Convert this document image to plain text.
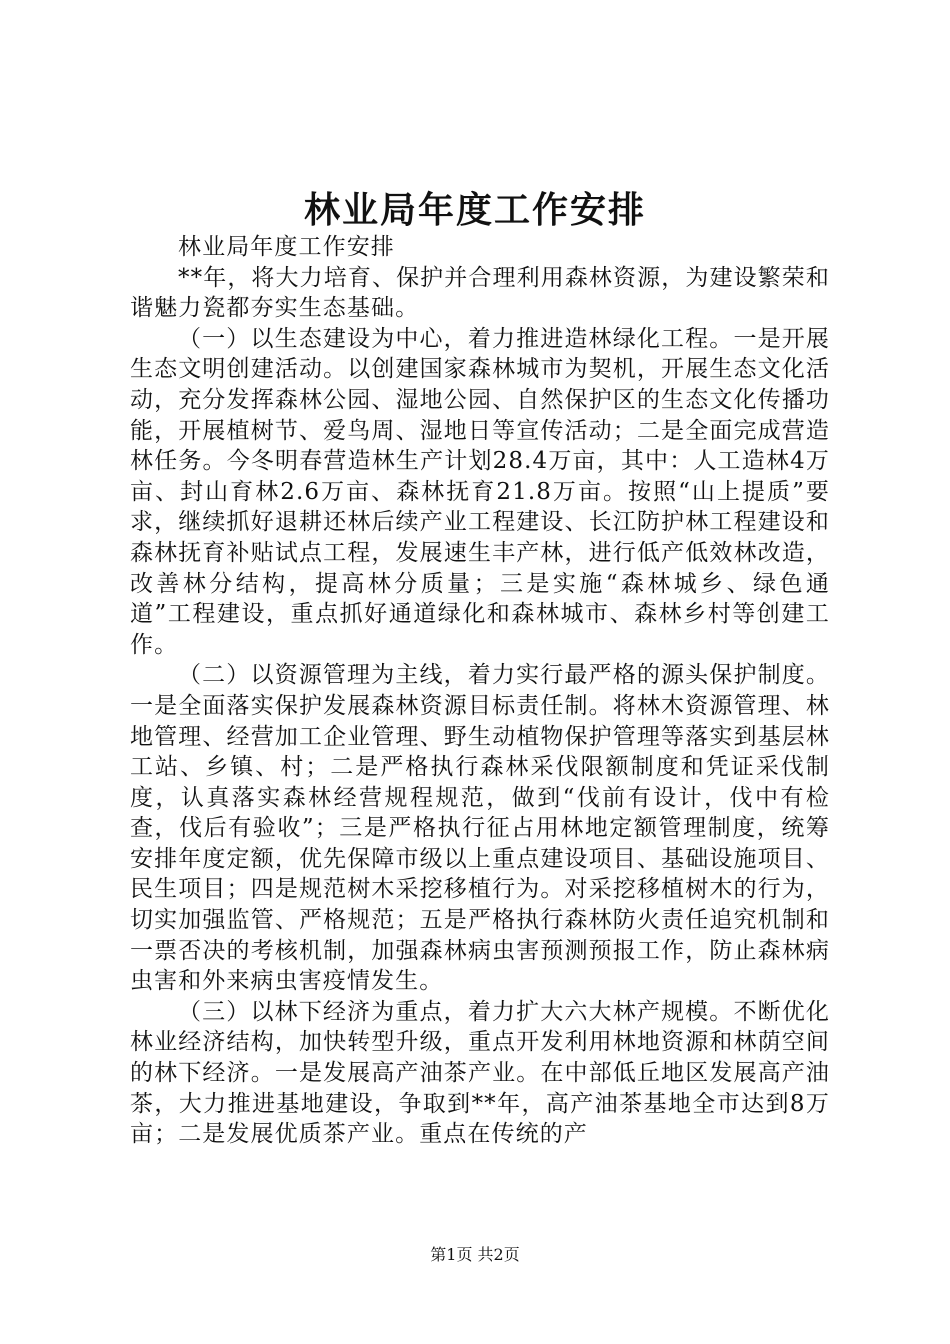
林业局年度工作安排

林业局年度工作安排

**年，将大力培育、保护并合理利用森林资源，为建设繁荣和谐魅力瓷都夯实生态基础。

（一）以生态建设为中心，着力推进造林绿化工程。一是开展生态文明创建活动。以创建国家森林城市为契机，开展生态文化活动，充分发挥森林公园、湿地公园、自然保护区的生态文化传播功能，开展植树节、爱鸟周、湿地日等宣传活动；二是全面完成营造林任务。今冬明春营造林生产计划28.4万亩，其中：人工造林4万亩、封山育林2.6万亩、森林抚育21.8万亩。按照“山上提质”要求，继续抓好退耕还林后续产业工程建设、长江防护林工程建设和森林抚育补贴试点工程，发展速生丰产林，进行低产低效林改造，改善林分结构，提高林分质量；三是实施“森林城乡、绿色通道”工程建设，重点抓好通道绿化和森林城市、森林乡村等创建工作。

（二）以资源管理为主线，着力实行最严格的源头保护制度。一是全面落实保护发展森林资源目标责任制。将林木资源管理、林地管理、经营加工企业管理、野生动植物保护管理等落实到基层林工站、乡镇、村；二是严格执行森林采伐限额制度和凭证采伐制度，认真落实森林经营规程规范，做到“伐前有设计，伐中有检查，伐后有验收”；三是严格执行征占用林地定额管理制度，统筹安排年度定额，优先保障市级以上重点建设项目、基础设施项目、民生项目；四是规范树木采挖移植行为。对采挖移植树木的行为，切实加强监管、严格规范；五是严格执行森林防火责任追究机制和一票否决的考核机制，加强森林病虫害预测预报工作，防止森林病虫害和外来病虫害疫情发生。

（三）以林下经济为重点，着力扩大六大林产规模。不断优化林业经济结构，加快转型升级，重点开发利用林地资源和林荫空间的林下经济。一是发展高产油茶产业。在中部低丘地区发展高产油茶，大力推进基地建设，争取到**年，高产油茶基地全市达到8万亩；二是发展优质茶产业。重点在传统的产

第1页 共2页
